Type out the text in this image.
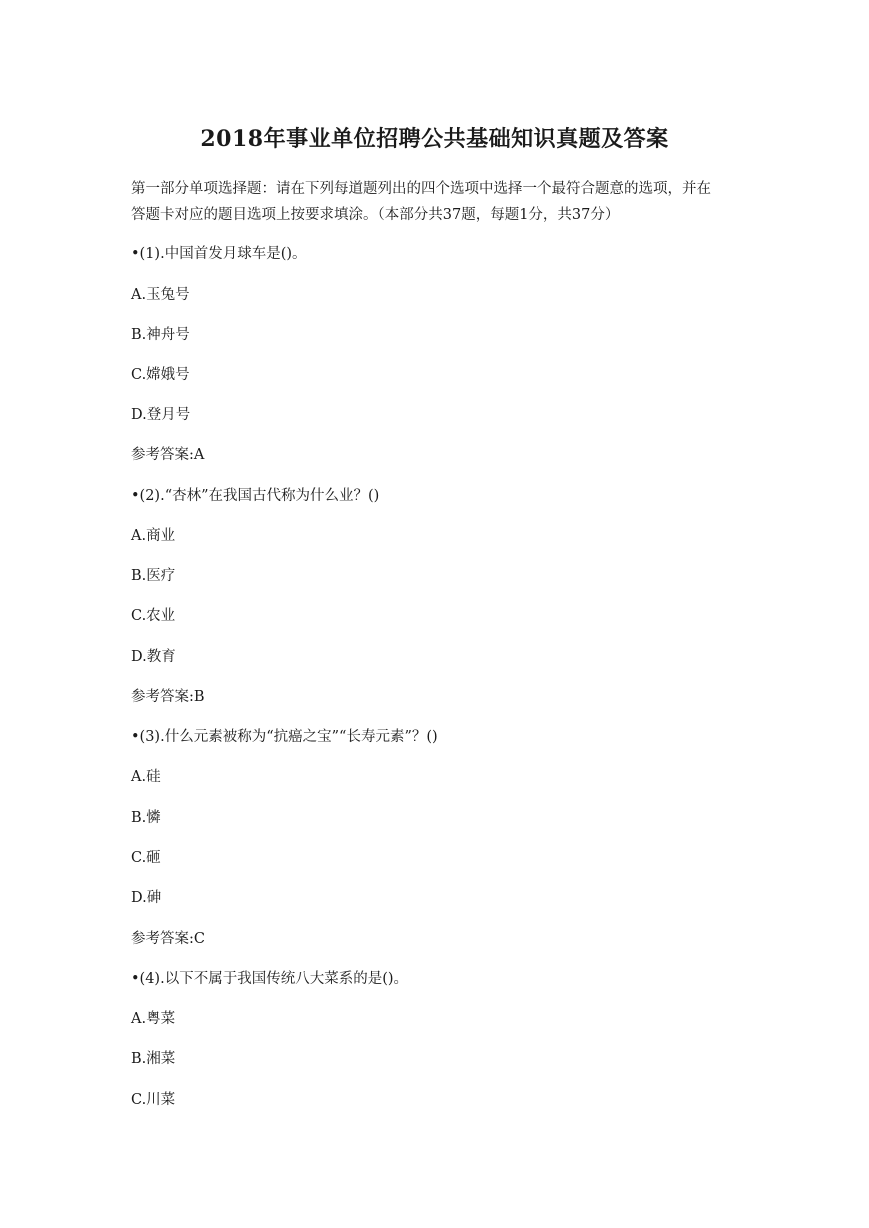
2018年事业单位招聘公共基础知识真题及答案

第一部分单项选择题：请在下列每道题列出的四个选项中选择一个最符合题意的选项，并在

答题卡对应的题目选项上按要求填涂。（本部分共37题，每题1分，共37分）

•(1).中国首发月球车是()。
A.玉兔号
B.神舟号
C.嫦娥号
D.登月号
参考答案:A
•(2).“杏林”在我国古代称为什么业？()
A.商业
B.医疗
C.农业
D.教育
参考答案:B
•(3).什么元素被称为“抗癌之宝”“长寿元素”？()
A.硅
B.憐
C.砸
D.砷
参考答案:C
•(4).以下不属于我国传统八大菜系的是()。
A.粤菜
B.湘菜
C.川菜
